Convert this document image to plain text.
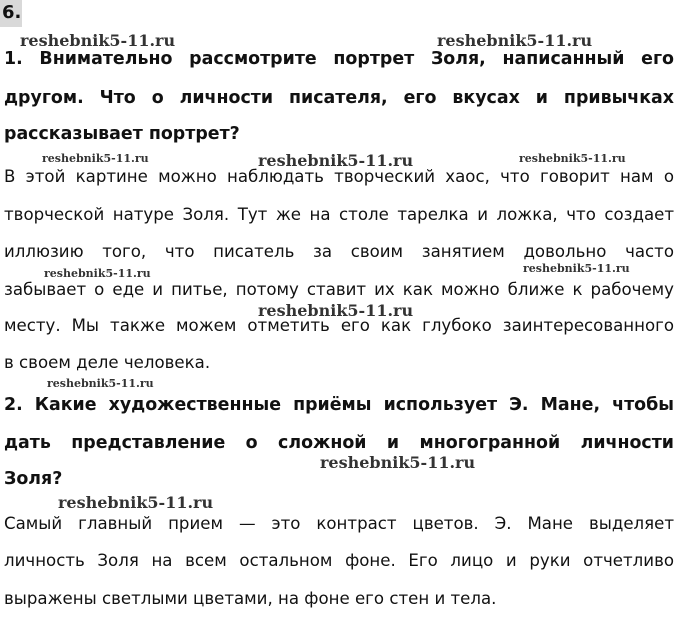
6.
1. Внимательно рассмотрите портрет Золя, написанный его
другом. Что о личности писателя, его вкусах и привычках
рассказывает портрет?
В этой картине можно наблюдать творческий хаос, что говорит нам о
творческой натуре Золя. Тут же на столе тарелка и ложка, что создает
иллюзию того, что писатель за своим занятием довольно часто
забывает о еде и питье, потому ставит их как можно ближе к рабочему
месту. Мы также можем отметить его как глубоко заинтересованного
в своем деле человека.
2. Какие художественные приёмы использует Э. Мане, чтобы
дать представление о сложной и многогранной личности
Золя?
Самый главный прием — это контраст цветов. Э. Мане выделяет
личность Золя на всем остальном фоне. Его лицо и руки отчетливо
выражены светлыми цветами, на фоне его стен и тела.
reshebnik5-11.ru	reshebnik5-11.ru
reshebnik5-11.ru	reshebnik5-11.ru	reshebnik5-11.ru
reshebnik5-11.ru	reshebnik5-11.ru
reshebnik5-11.ru
reshebnik5-11.ru
reshebnik5-11.ru
reshebnik5-11.ru
